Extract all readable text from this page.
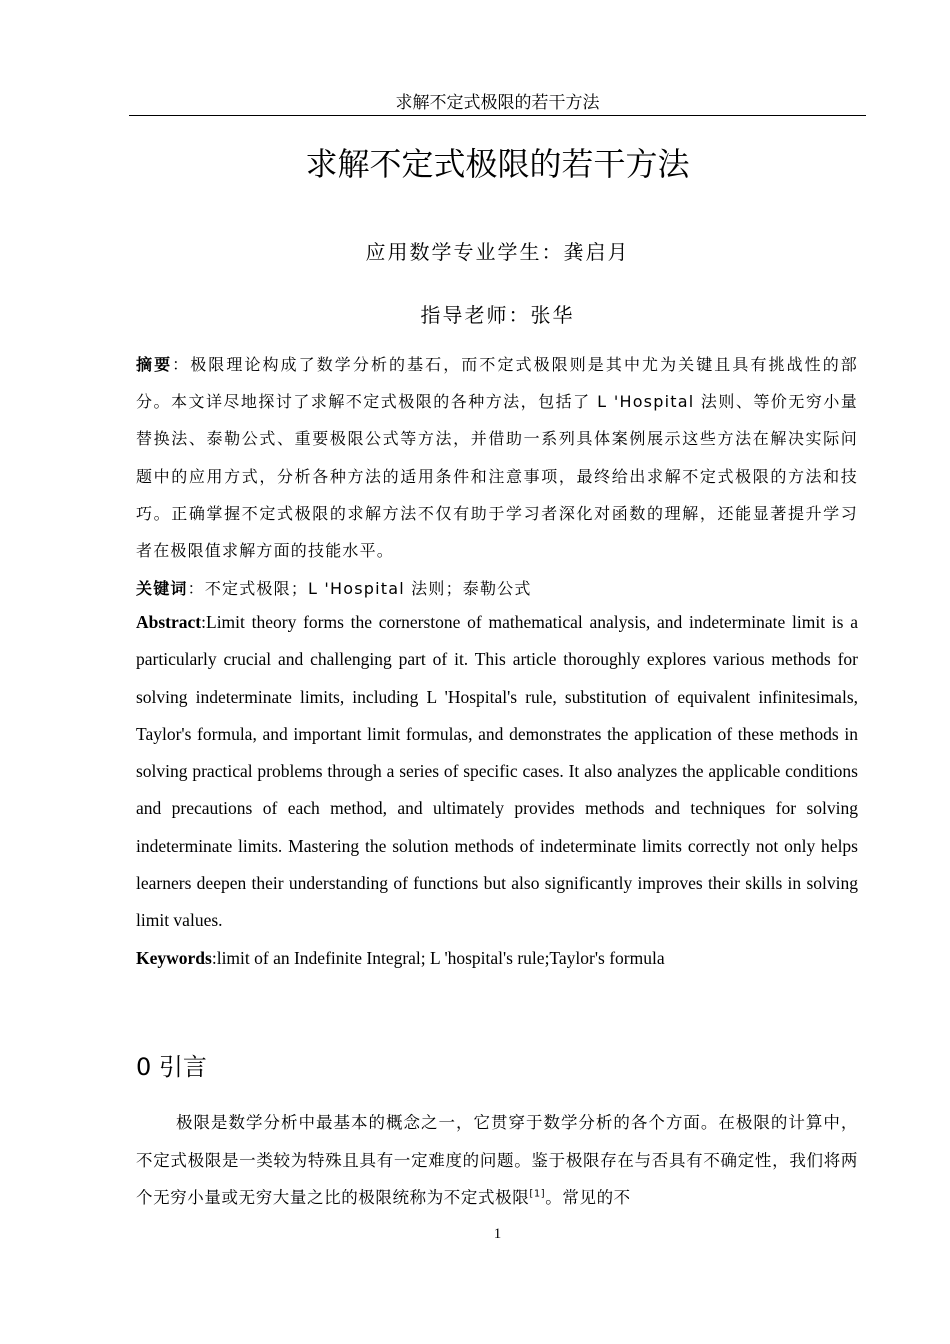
求解不定式极限的若干方法
求解不定式极限的若干方法
应用数学专业学生：龚启月
指导老师：张华
摘要：极限理论构成了数学分析的基石，而不定式极限则是其中尤为关键且具有挑战性的部分。本文详尽地探讨了求解不定式极限的各种方法，包括了 L 'Hospital 法则、等价无穷小量替换法、泰勒公式、重要极限公式等方法，并借助一系列具体案例展示这些方法在解决实际问题中的应用方式，分析各种方法的适用条件和注意事项，最终给出求解不定式极限的方法和技巧。正确掌握不定式极限的求解方法不仅有助于学习者深化对函数的理解，还能显著提升学习者在极限值求解方面的技能水平。
关键词：不定式极限；L 'Hospital 法则；泰勒公式
Abstract:Limit theory forms the cornerstone of mathematical analysis, and indeterminate limit is a particularly crucial and challenging part of it. This article thoroughly explores various methods for solving indeterminate limits, including L 'Hospital's rule, substitution of equivalent infinitesimals, Taylor's formula, and important limit formulas, and demonstrates the application of these methods in solving practical problems through a series of specific cases. It also analyzes the applicable conditions and precautions of each method, and ultimately provides methods and techniques for solving indeterminate limits. Mastering the solution methods of indeterminate limits correctly not only helps learners deepen their understanding of functions but also significantly improves their skills in solving limit values.
Keywords:limit of an Indefinite Integral; L 'hospital's rule;Taylor's formula
0 引言
极限是数学分析中最基本的概念之一，它贯穿于数学分析的各个方面。在极限的计算中，不定式极限是一类较为特殊且具有一定难度的问题。鉴于极限存在与否具有不确定性，我们将两个无穷小量或无穷大量之比的极限统称为不定式极限[1]。常见的不
1
